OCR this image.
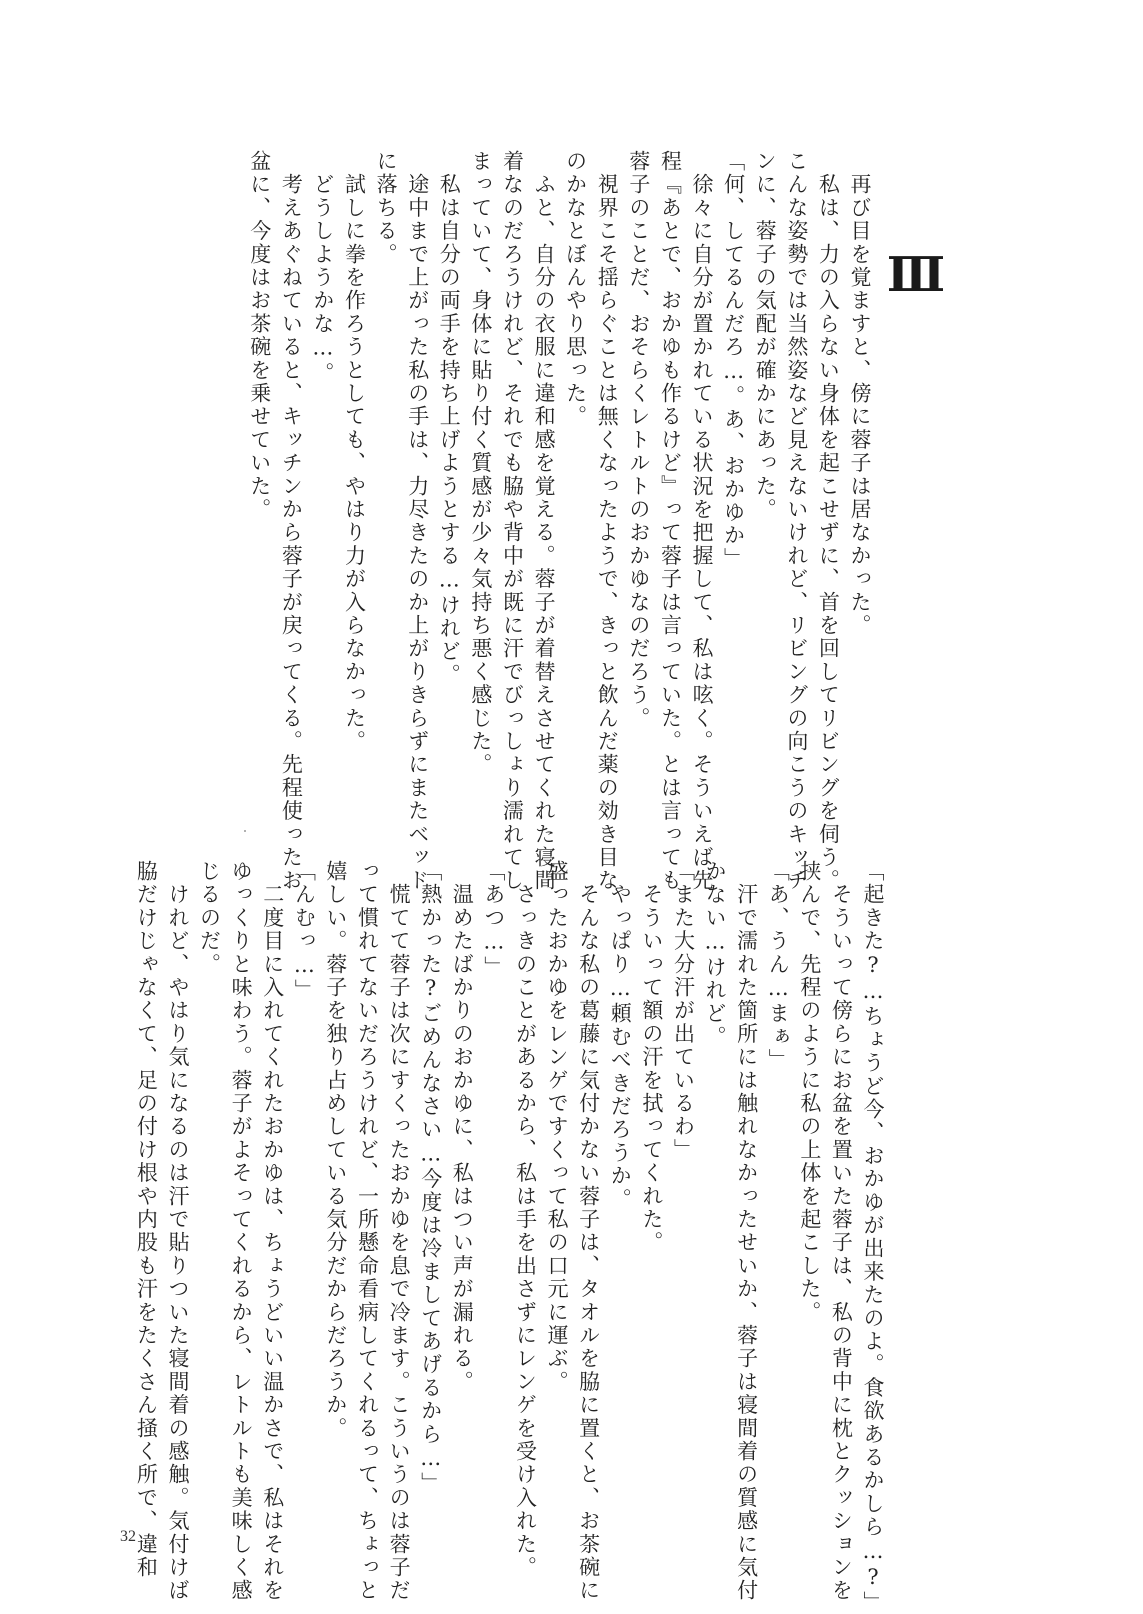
Ⅲ
　再び目を覚ますと、傍に蓉子は居なかった。
　私は、力の入らない身体を起こせずに、首を回してリビングを伺う。
こんな姿勢では当然姿など見えないけれど、リビングの向こうのキッチ
ンに、蓉子の気配が確かにあった。
「何、してるんだろ…。あ、おかゆか」
　徐々に自分が置かれている状況を把握して、私は呟く。そういえば先
程『あとで、おかゆも作るけど』って蓉子は言っていた。とは言っても
蓉子のことだ、おそらくレトルトのおかゆなのだろう。
　視界こそ揺らぐことは無くなったようで、きっと飲んだ薬の効き目な
のかなとぼんやり思った。
　ふと、自分の衣服に違和感を覚える。蓉子が着替えさせてくれた寝間
着なのだろうけれど、それでも脇や背中が既に汗でびっしょり濡れてし
まっていて、身体に貼り付く質感が少々気持ち悪く感じた。
　私は自分の両手を持ち上げようとする…けれど。
　途中まで上がった私の手は、力尽きたのか上がりきらずにまたベッド
に落ちる。
　試しに拳を作ろうとしても、やはり力が入らなかった。
　どうしようかな…。
　考えあぐねていると、キッチンから蓉子が戻ってくる。先程使ったお
盆に、今度はお茶碗を乗せていた。
「起きた?…ちょうど今、おかゆが出来たのよ。食欲あるかしら…?」
　そういって傍らにお盆を置いた蓉子は、私の背中に枕とクッションを
挟んで、先程のように私の上体を起こした。
「あ、うん…まぁ」
　汗で濡れた箇所には触れなかったせいか、蓉子は寝間着の質感に気付
かない…けれど。
「また大分汗が出ているわ」
　そういって額の汗を拭ってくれた。
　やっぱり…頼むべきだろうか。
　そんな私の葛藤に気付かない蓉子は、タオルを脇に置くと、お茶碗に
盛ったおかゆをレンゲですくって私の口元に運ぶ。
　さっきのことがあるから、私は手を出さずにレンゲを受け入れた。
「あつ…」
　温めたばかりのおかゆに、私はつい声が漏れる。
「熱かった?ごめんなさい…今度は冷ましてあげるから…」
　慌てて蓉子は次にすくったおかゆを息で冷ます。こういうのは蓉子だ
って慣れてないだろうけれど、一所懸命看病してくれるって、ちょっと
嬉しい。蓉子を独り占めしている気分だからだろうか。
「んむっ…」
　二度目に入れてくれたおかゆは、ちょうどいい温かさで、私はそれを
ゆっくりと味わう。蓉子がよそってくれるから、レトルトも美味しく感
じるのだ。
　けれど、やはり気になるのは汗で貼りついた寝間着の感触。気付けば
脇だけじゃなくて、足の付け根や内股も汗をたくさん掻く所で、違和
32
